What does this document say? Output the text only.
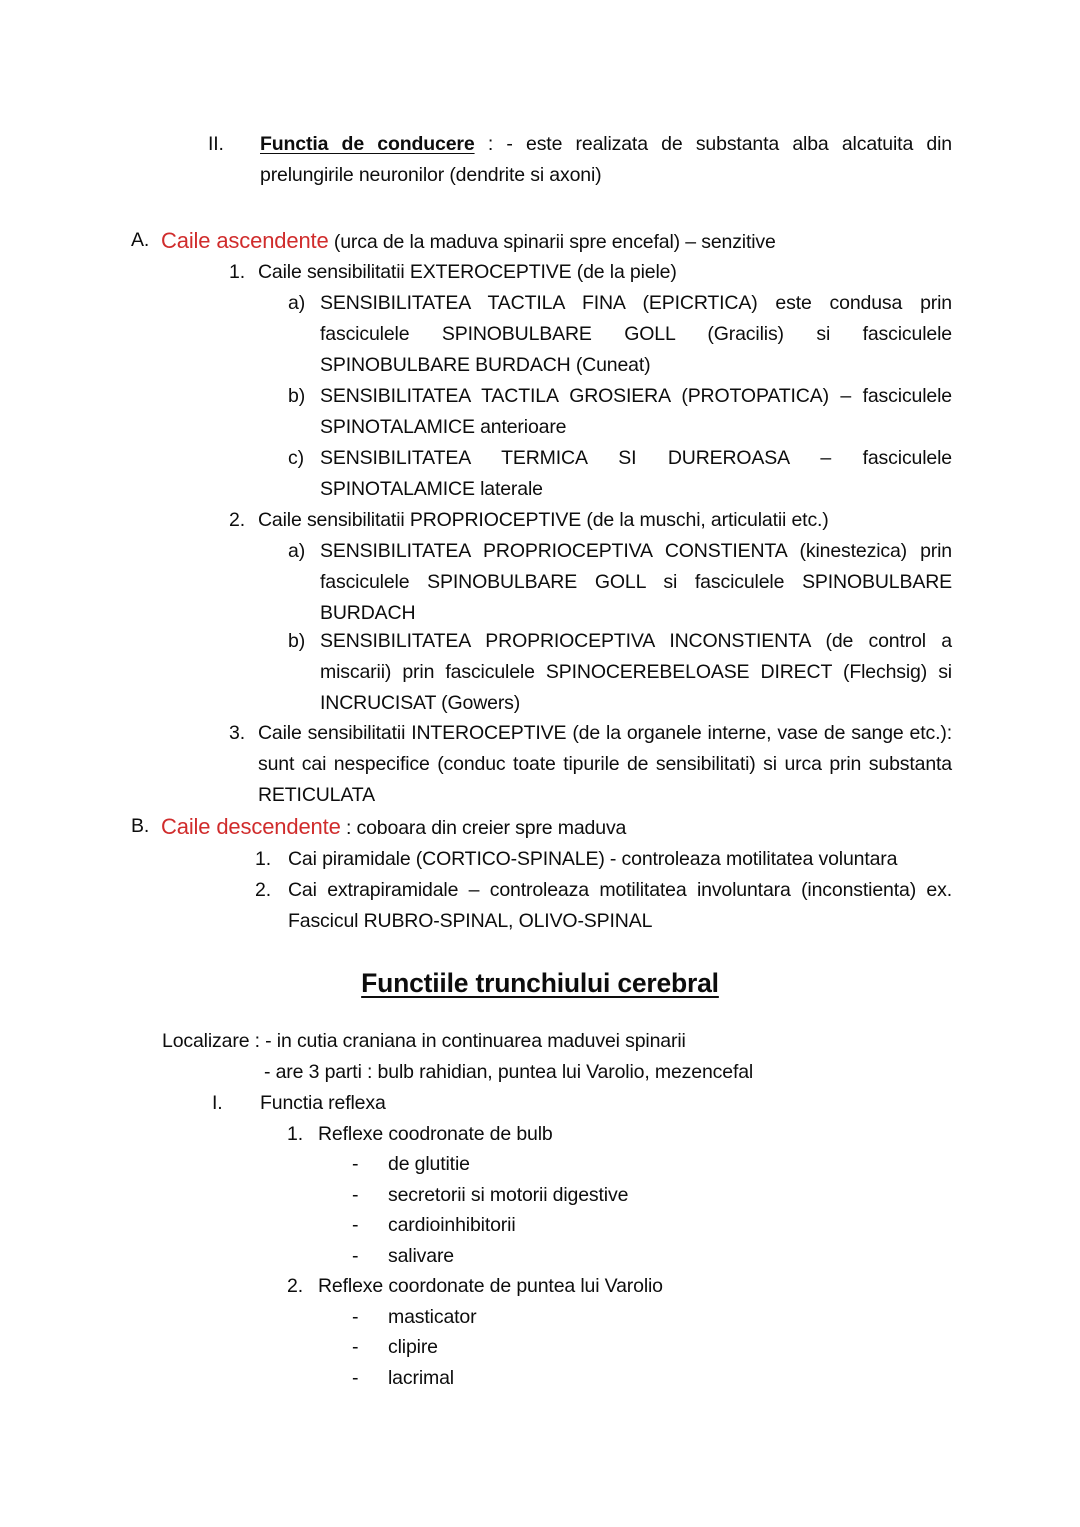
II. Functia de conducere : - este realizata de substanta alba alcatuita din prelungirile neuronilor (dendrite si axoni)
A. Caile ascendente (urca de la maduva spinarii spre encefal) – senzitive
1. Caile sensibilitatii EXTEROCEPTIVE (de la piele)
a) SENSIBILITATEA TACTILA FINA (EPICRTICA) este condusa prin fasciculele SPINOBULBARE GOLL (Gracilis) si fasciculele SPINOBULBARE BURDACH (Cuneat)
b) SENSIBILITATEA TACTILA GROSIERA (PROTOPATICA) – fasciculele SPINOTALAMICE anterioare
c) SENSIBILITATEA TERMICA SI DUREROASA – fasciculele SPINOTALAMICE laterale
2. Caile sensibilitatii PROPRIOCEPTIVE (de la muschi, articulatii etc.)
a) SENSIBILITATEA PROPRIOCEPTIVA CONSTIENTA (kinestezica) prin fasciculele SPINOBULBARE GOLL si fasciculele SPINOBULBARE BURDACH
b) SENSIBILITATEA PROPRIOCEPTIVA INCONSTIENTA (de control a miscarii) prin fasciculele SPINOCEREBELOASE DIRECT (Flechsig) si INCRUCISAT (Gowers)
3. Caile sensibilitatii INTEROCEPTIVE (de la organele interne, vase de sange etc.): sunt cai nespecifice (conduc toate tipurile de sensibilitati) si urca prin substanta RETICULATA
B. Caile descendente : coboara din creier spre maduva
1. Cai piramidale (CORTICO-SPINALE) - controleaza motilitatea voluntara
2. Cai extrapiramidale – controleaza motilitatea involuntara (inconstienta) ex. Fascicul RUBRO-SPINAL, OLIVO-SPINAL
Functiile trunchiului cerebral
Localizare : - in cutia craniana in continuarea maduvei spinarii
- are 3 parti : bulb rahidian, puntea lui Varolio, mezencefal
I. Functia reflexa
1. Reflexe coodronate de bulb
- de glutitie
- secretorii si motorii digestive
- cardioinhibitorii
- salivare
2. Reflexe coordonate de puntea lui Varolio
- masticator
- clipire
- lacrimal
